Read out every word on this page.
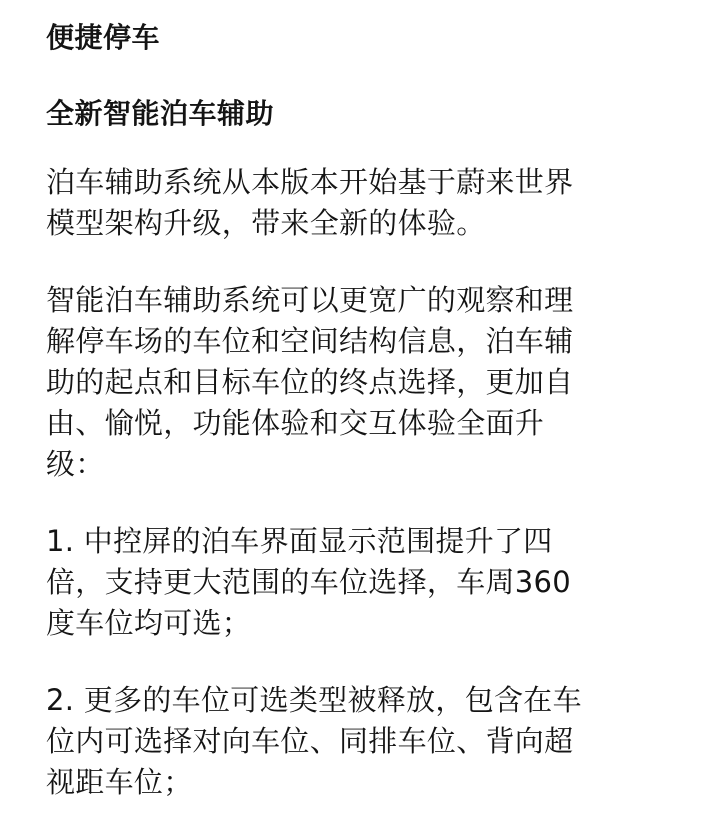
便捷停车
全新智能泊车辅助

泊车辅助系统从本版本开始基于蔚来世界
模型架构升级，带来全新的体验。

智能泊车辅助系统可以更宽广的观察和理
解停车场的车位和空间结构信息，泊车辅
助的起点和目标车位的终点选择，更加自
由、愉悦，功能体验和交互体验全面升
级：

1. 中控屏的泊车界面显示范围提升了四
倍，支持更大范围的车位选择，车周360
度车位均可选；

2. 更多的车位可选类型被释放，包含在车
位内可选择对向车位、同排车位、背向超
视距车位；
